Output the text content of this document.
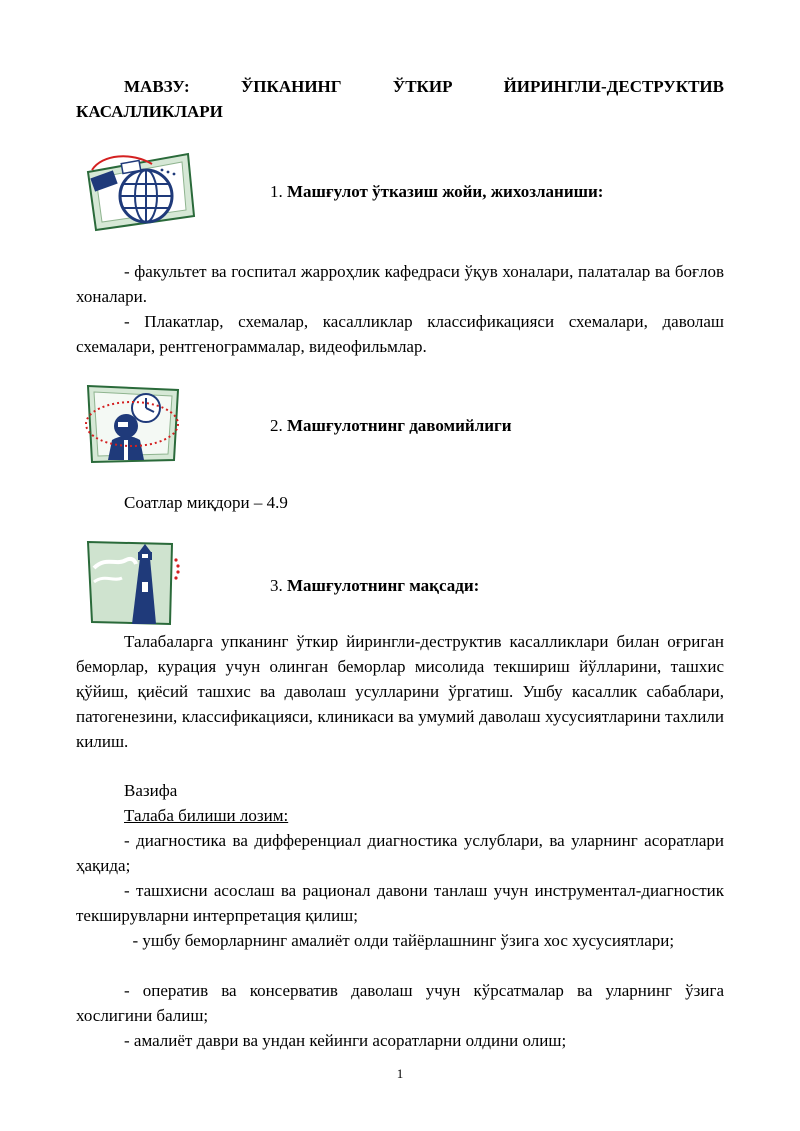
МАВЗУ:	ЎПКАНИНГ	ЎТКИР	ЙИРИНГЛИ-ДЕСТРУКТИВ
КАСАЛЛИКЛАРИ
1. Машғулот ўтказиш жойи, жихозланиши:

- факультет ва госпитал жарроҳлик кафедраси ўқув хоналари, палаталар ва боғлов хоналари.

- Плакатлар, схемалар, касалликлар классификацияси схемалари, даволаш схемалари, рентгенограммалар, видеофильмлар.

2. Машғулотнинг давомийлиги

Соатлар миқдори – 4.9

3. Машғулотнинг мақсади:

Талабаларга упканинг ўткир йирингли-деструктив касалликлари билан оғриган беморлар, курация учун олинган беморлар мисолида текшириш йўлларини, ташхис қўйиш, қиёсий ташхис ва даволаш усулларини ўргатиш. Ушбу касаллик сабаблари, патогенезини, классификацияси, клиникаси ва умумий даволаш хусусиятларини тахлили килиш.

Вазифа

Талаба билиши лозим:

- диагностика ва дифференциал диагностика услублари, ва уларнинг асоратлари ҳақида;

- ташхисни асослаш ва рационал давони танлаш учун инструментал-диагностик текширувларни интерпретация қилиш;

- ушбу беморларнинг амалиёт олди тайёрлашнинг ўзига хос хусусиятлари;

- оператив ва консерватив даволаш учун кўрсатмалар ва уларнинг ўзига хослигини балиш;

- амалиёт даври ва ундан кейинги асоратларни олдини олиш;

1
